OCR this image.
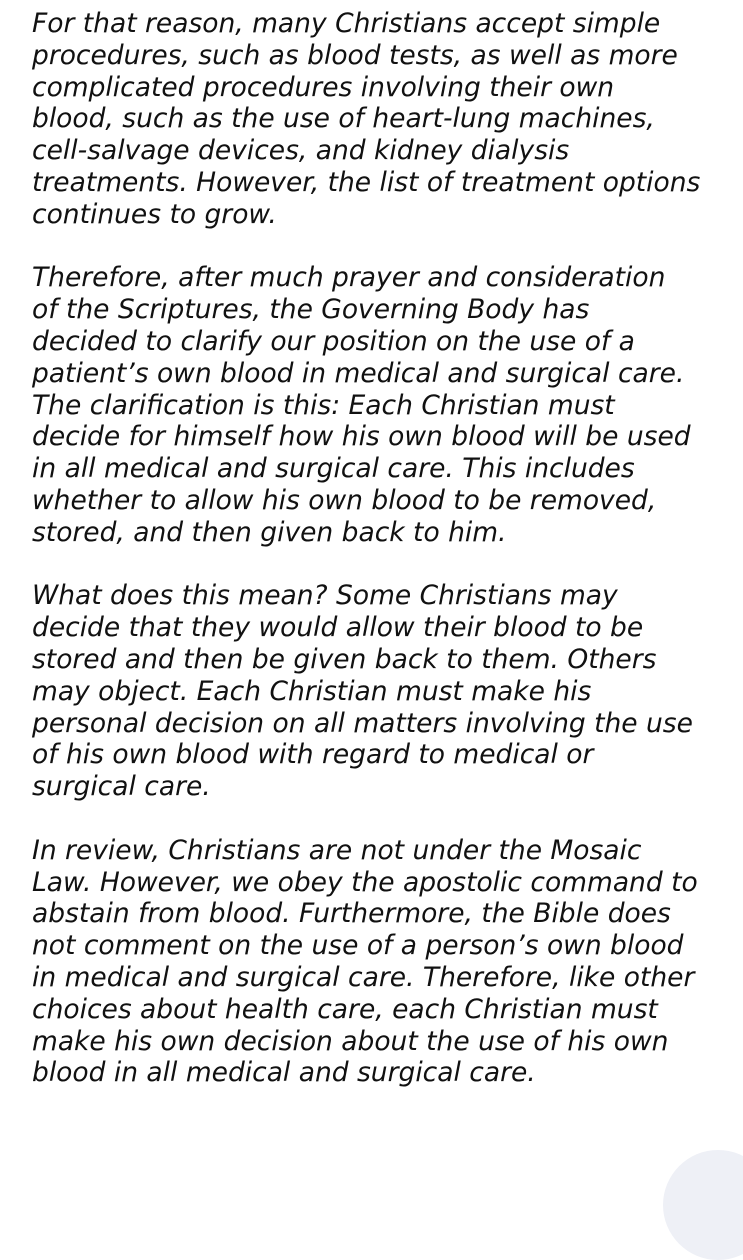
For that reason, many Christians accept simple
procedures, such as blood tests, as well as more
complicated procedures involving their own
blood, such as the use of heart-lung machines,
cell-salvage devices, and kidney dialysis
treatments. However, the list of treatment options
continues to grow.
Therefore, after much prayer and consideration
of the Scriptures, the Governing Body has
decided to clarify our position on the use of a
patient’s own blood in medical and surgical care.
The clarification is this: Each Christian must
decide for himself how his own blood will be used
in all medical and surgical care. This includes
whether to allow his own blood to be removed,
stored, and then given back to him.
What does this mean? Some Christians may
decide that they would allow their blood to be
stored and then be given back to them. Others
may object. Each Christian must make his
personal decision on all matters involving the use
of his own blood with regard to medical or
surgical care.
In review, Christians are not under the Mosaic
Law. However, we obey the apostolic command to
abstain from blood. Furthermore, the Bible does
not comment on the use of a person’s own blood
in medical and surgical care. Therefore, like other
choices about health care, each Christian must
make his own decision about the use of his own
blood in all medical and surgical care.
